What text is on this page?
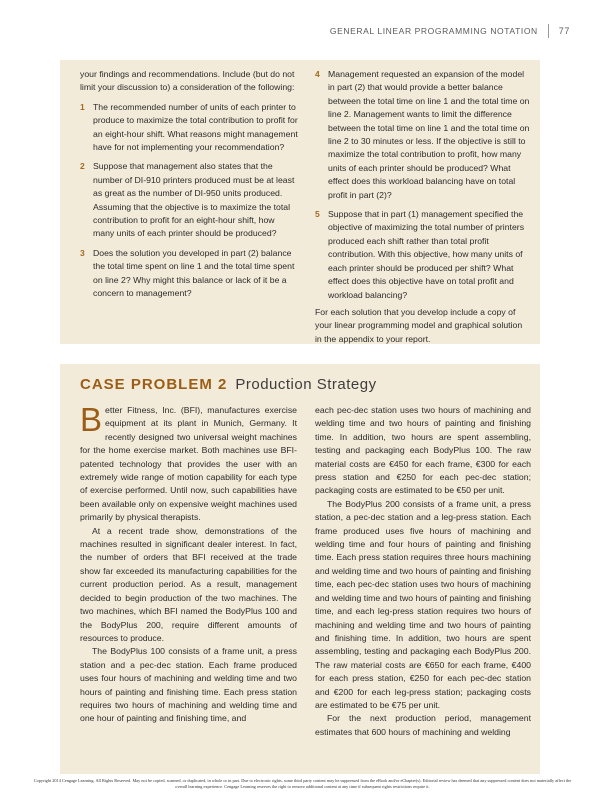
GENERAL LINEAR PROGRAMMING NOTATION 77

your findings and recommendations. Include (but do not limit your discussion to) a consideration of the following:

1 The recommended number of units of each printer to produce to maximize the total contribution to profit for an eight-hour shift. What reasons might management have for not implementing your recommendation?
2 Suppose that management also states that the number of DI-910 printers produced must be at least as great as the number of DI-950 units produced. Assuming that the objective is to maximize the total contribution to profit for an eight-hour shift, how many units of each printer should be produced?
3 Does the solution you developed in part (2) balance the total time spent on line 1 and the total time spent on line 2? Why might this balance or lack of it be a concern to management?
4 Management requested an expansion of the model in part (2) that would provide a better balance between the total time on line 1 and the total time on line 2. Management wants to limit the difference between the total time on line 1 and the total time on line 2 to 30 minutes or less. If the objective is still to maximize the total contribution to profit, how many units of each printer should be produced? What effect does this workload balancing have on total profit in part (2)?
5 Suppose that in part (1) management specified the objective of maximizing the total number of printers produced each shift rather than total profit contribution. With this objective, how many units of each printer should be produced per shift? What effect does this objective have on total profit and workload balancing?

For each solution that you develop include a copy of your linear programming model and graphical solution in the appendix to your report.

CASE PROBLEM 2 Production Strategy

Better Fitness, Inc. (BFI), manufactures exercise equipment at its plant in Munich, Germany. It recently designed two universal weight machines for the home exercise market. Both machines use BFI-patented technology that provides the user with an extremely wide range of motion capability for each type of exercise performed. Until now, such capabilities have been available only on expensive weight machines used primarily by physical therapists.

At a recent trade show, demonstrations of the machines resulted in significant dealer interest. In fact, the number of orders that BFI received at the trade show far exceeded its manufacturing capabilities for the current production period. As a result, management decided to begin production of the two machines. The two machines, which BFI named the BodyPlus 100 and the BodyPlus 200, require different amounts of resources to produce.

The BodyPlus 100 consists of a frame unit, a press station and a pec-dec station. Each frame produced uses four hours of machining and welding time and two hours of painting and finishing time. Each press station requires two hours of machining and welding time and one hour of painting and finishing time, and

each pec-dec station uses two hours of machining and welding time and two hours of painting and finishing time. In addition, two hours are spent assembling, testing and packaging each BodyPlus 100. The raw material costs are €450 for each frame, €300 for each press station and €250 for each pec-dec station; packaging costs are estimated to be €50 per unit.

The BodyPlus 200 consists of a frame unit, a press station, a pec-dec station and a leg-press station. Each frame produced uses five hours of machining and welding time and four hours of painting and finishing time. Each press station requires three hours machining and welding time and two hours of painting and finishing time, each pec-dec station uses two hours of machining and welding time and two hours of painting and finishing time, and each leg-press station requires two hours of machining and welding time and two hours of painting and finishing time. In addition, two hours are spent assembling, testing and packaging each BodyPlus 200. The raw material costs are €650 for each frame, €400 for each press station, €250 for each pec-dec station and €200 for each leg-press station; packaging costs are estimated to be €75 per unit.

For the next production period, management estimates that 600 hours of machining and welding

Copyright 2014 Cengage Learning. All Rights Reserved. May not be copied, scanned, or duplicated, in whole or in part. Due to electronic rights, some third party content may be suppressed from the eBook and/or eChapter(s). Editorial review has deemed that any suppressed content does not materially affect the overall learning experience. Cengage Learning reserves the right to remove additional content at any time if subsequent rights restrictions require it.
